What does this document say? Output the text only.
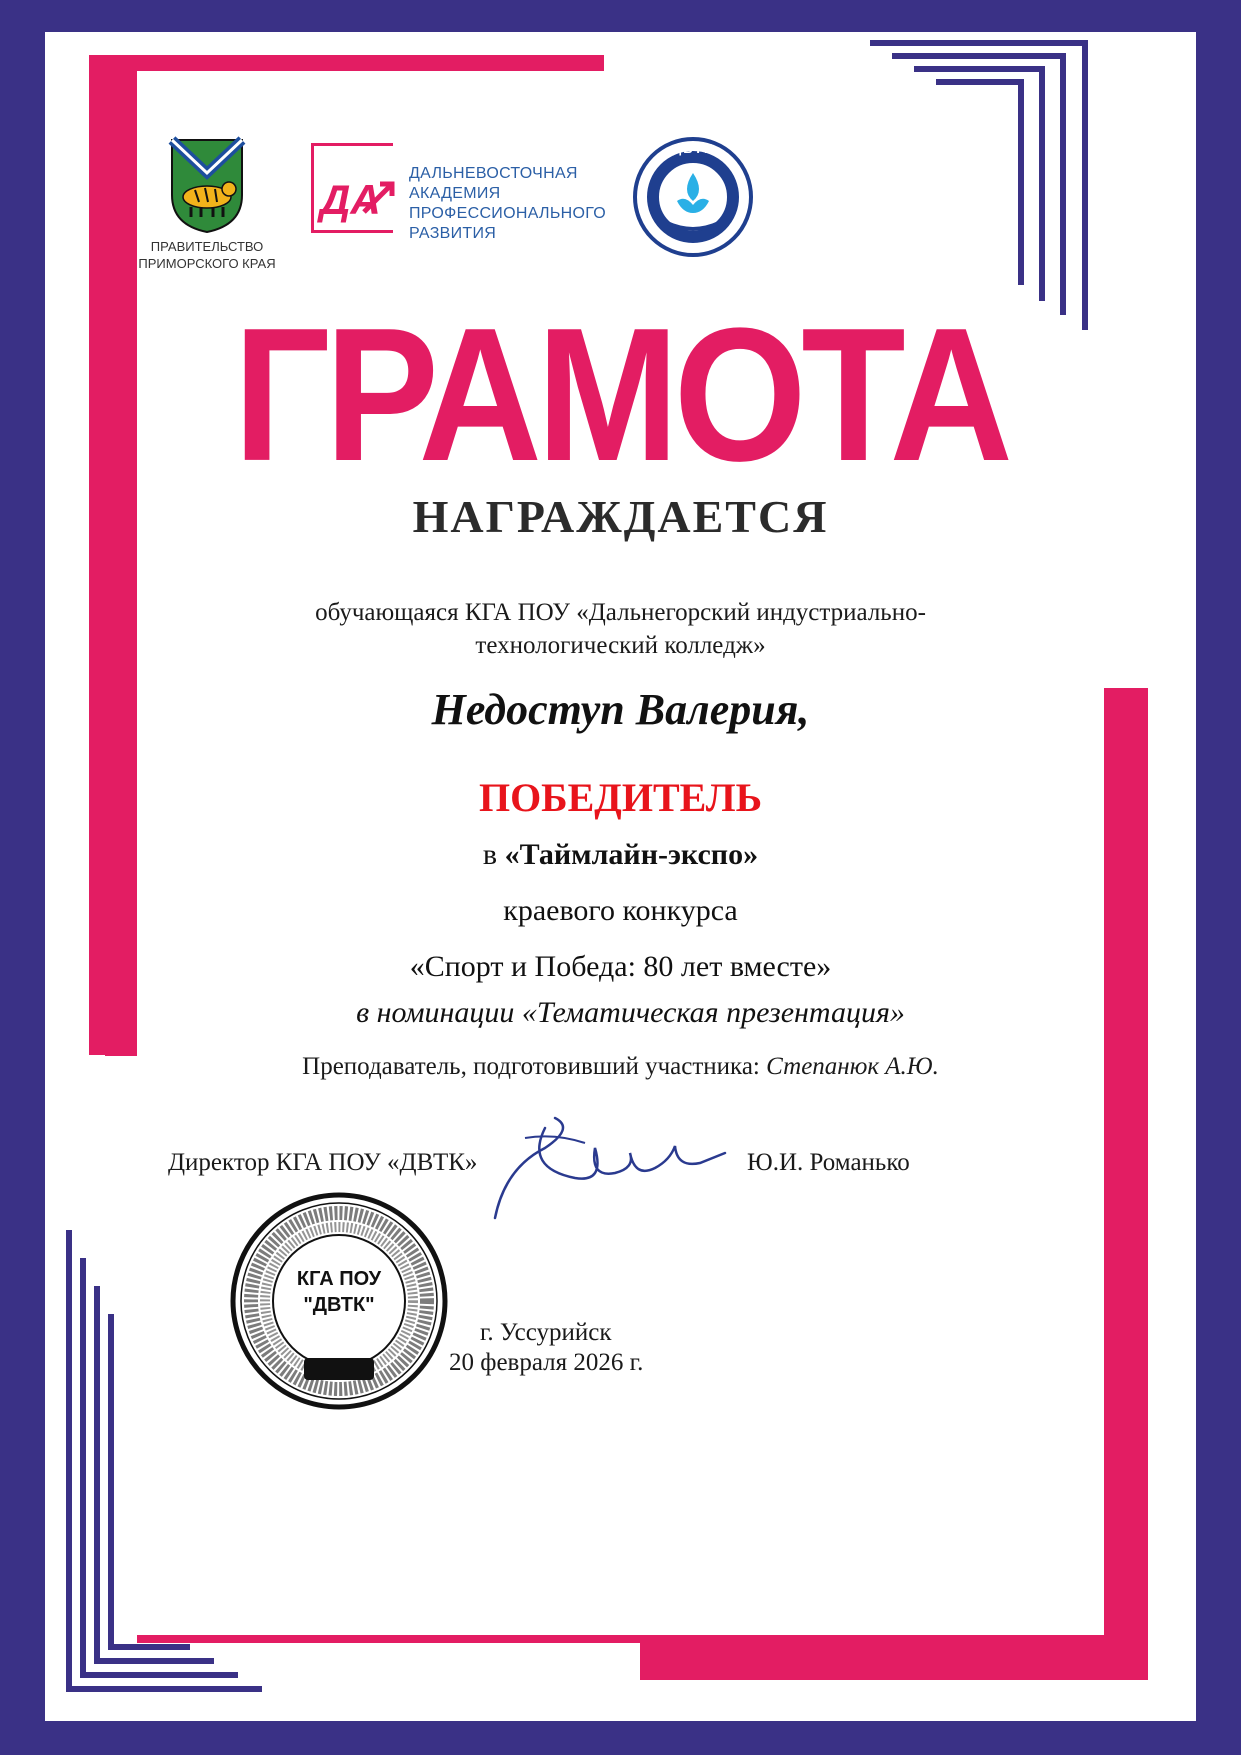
ПРАВИТЕЛЬСТВО
ПРИМОРСКОГО КРАЯ
ДА
ДАЛЬНЕВОСТОЧНАЯ
АКАДЕМИЯ
ПРОФЕССИОНАЛЬНОГО
РАЗВИТИЯ
ДВТК
ГРАМОТА
НАГРАЖДАЕТСЯ
обучающаяся КГА ПОУ «Дальнегорский индустриально-
технологический колледж»
Недоступ Валерия,
ПОБЕДИТЕЛЬ
в «Таймлайн-экспо»
краевого конкурса
«Спорт и Победа: 80 лет вместе»
в номинации «Тематическая презентация»
Преподаватель, подготовивший участника: Степанюк А.Ю.
Директор КГА ПОУ «ДВТК»	Ю.И. Романько
КГА ПОУ
"ДВТК"
г. Уссурийск
20 февраля 2026 г.
